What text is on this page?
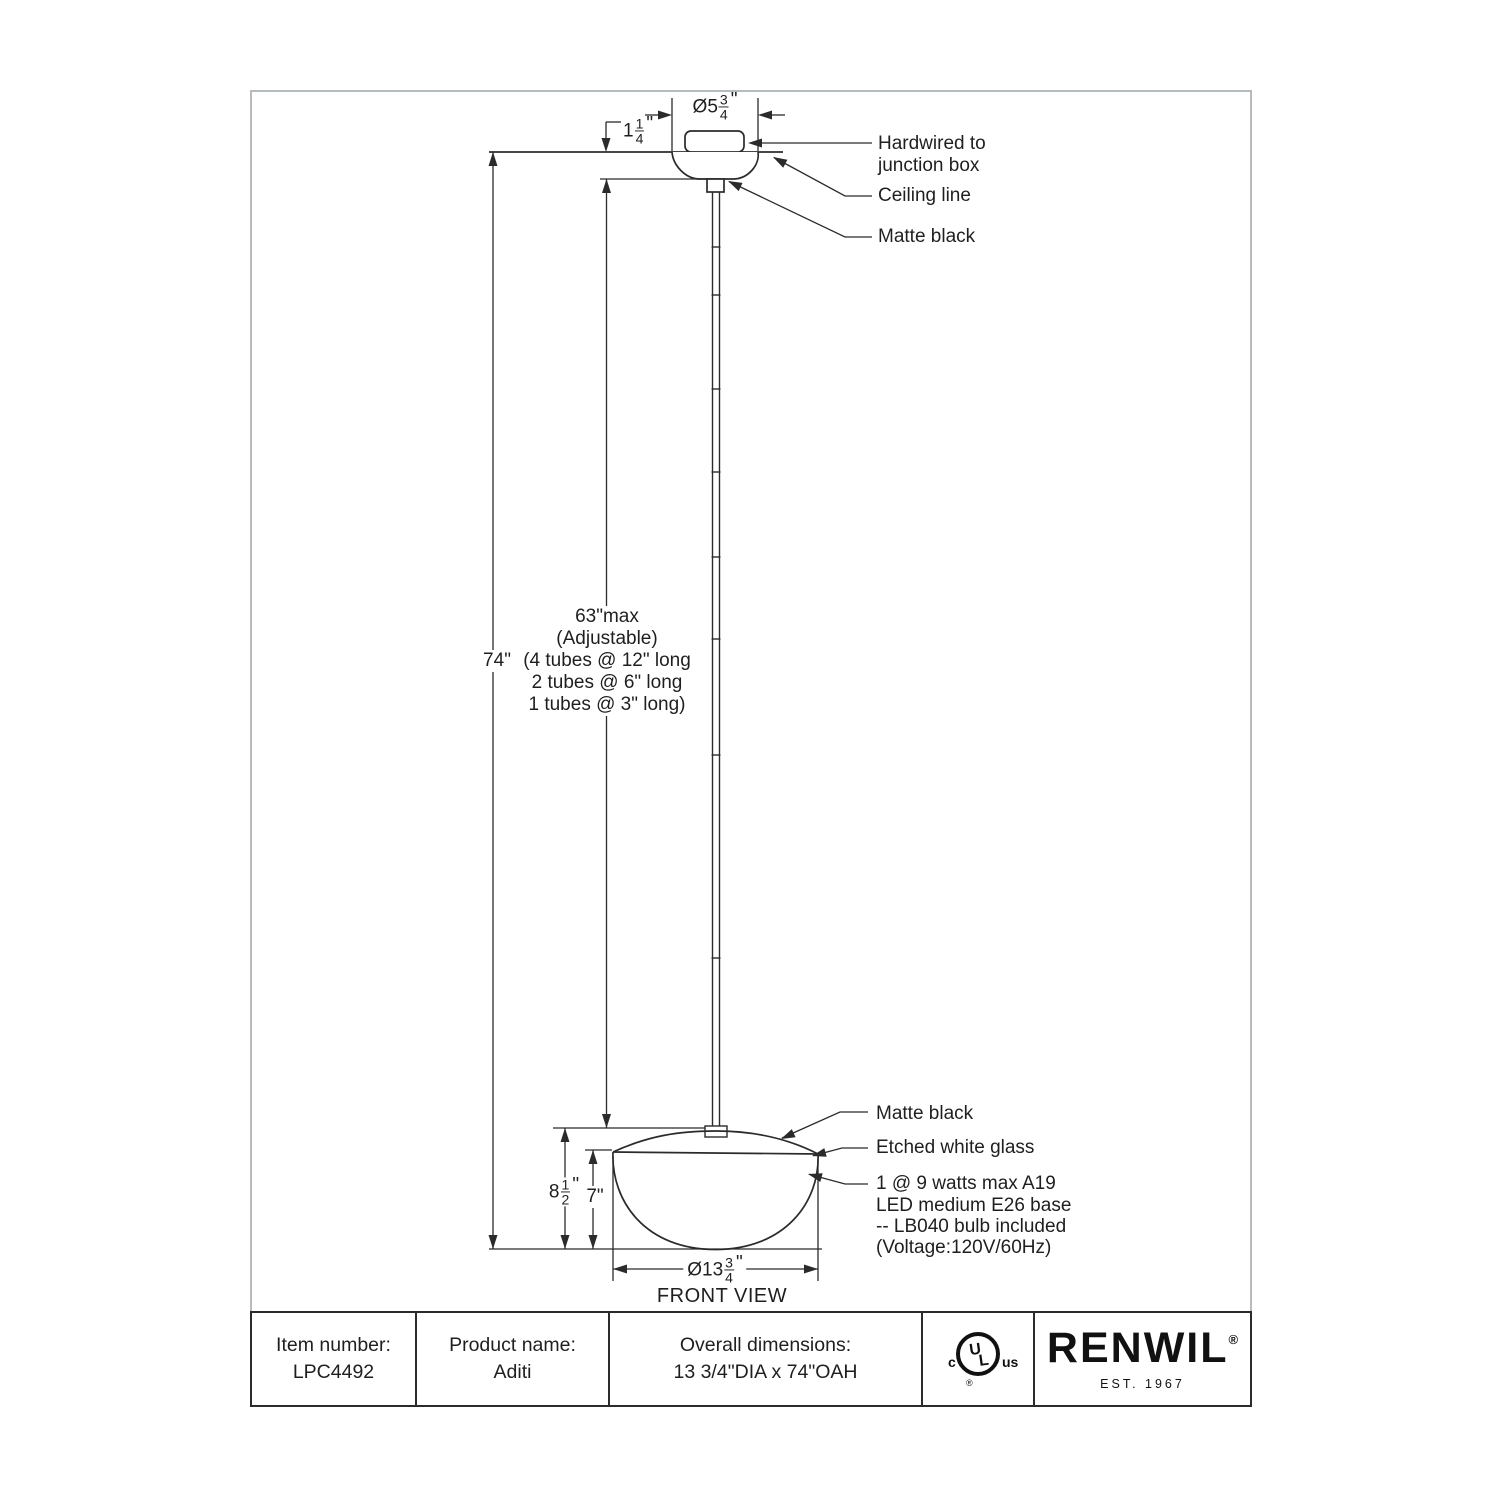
Ø5 $\frac{3}{4}$ "
$1 \frac{1}{4}$ "
74"
63"max
(Adjustable)
(4 tubes @ 12" long
2 tubes @ 6" long
1 tubes @ 3" long)
$8 \frac{1}{2}$ "
7"
Ø13 $\frac{3}{4}$ "
FRONT VIEW
Hardwired to
junction box
Ceiling line
Matte black
Matte black
Etched white glass
1 @ 9 watts max A19
LED medium E26 base
-- LB040 bulb included
(Voltage:120V/60Hz)
Item number:
LPC4492
Product name:
Aditi
Overall dimensions:
13 3/4"DIA x 74"OAH
U
L
c	us
®
RENWIL®
EST. 1967
